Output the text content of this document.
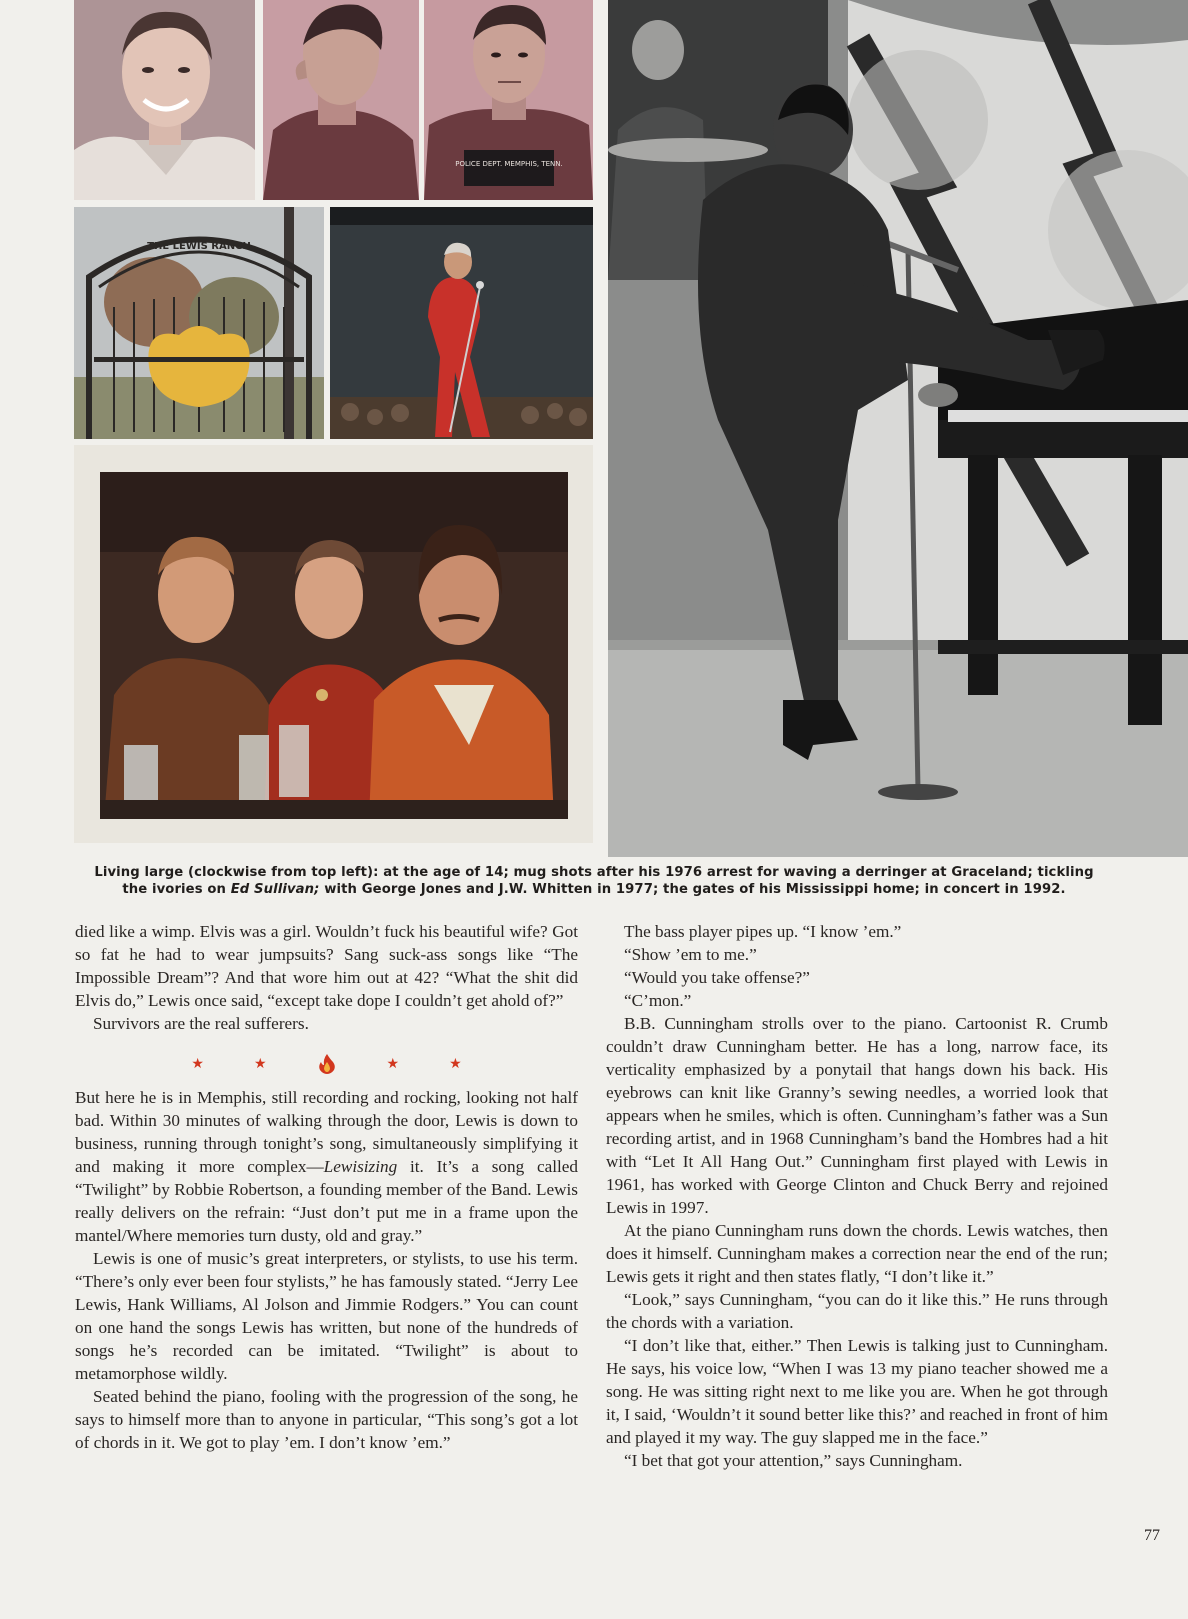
POLICE DEPT. MEMPHIS, TENN.
THE LEWIS RANCH
Living large (clockwise from top left): at the age of 14; mug shots after his 1976 arrest for waving a derringer at Graceland; tickling
the ivories on Ed Sullivan; with George Jones and J.W. Whitten in 1977; the gates of his Mississippi home; in concert in 1992.

died like a wimp. Elvis was a girl. Wouldn’t fuck his beautiful wife? Got so fat he had to wear jumpsuits? Sang suck-ass songs like “The Impossible Dream”? And that wore him out at 42? “What the shit did Elvis do,” Lewis once said, “except take dope I couldn’t get ahold of?”

Survivors are the real sufferers.

★	★	★	★

But here he is in Memphis, still recording and rocking, looking not half bad. Within 30 minutes of walking through the door, Lewis is down to business, running through tonight’s song, simultaneously simplifying it and making it more complex—Lewisizing it. It’s a song called “Twilight” by Robbie Robertson, a founding member of the Band. Lewis really delivers on the refrain: “Just don’t put me in a frame upon the mantel/Where memories turn dusty, old and gray.”

Lewis is one of music’s great interpreters, or stylists, to use his term. “There’s only ever been four stylists,” he has famously stated. “Jerry Lee Lewis, Hank Williams, Al Jolson and Jimmie Rodgers.” You can count on one hand the songs Lewis has written, but none of the hundreds of songs he’s recorded can be imitated. “Twilight” is about to metamorphose wildly.

Seated behind the piano, fooling with the progression of the song, he says to himself more than to anyone in particular, “This song’s got a lot of chords in it. We got to play ’em. I don’t know ’em.”

The bass player pipes up. “I know ’em.”

“Show ’em to me.”

“Would you take offense?”

“C’mon.”

B.B. Cunningham strolls over to the piano. Cartoonist R. Crumb couldn’t draw Cunningham better. He has a long, narrow face, its verticality emphasized by a ponytail that hangs down his back. His eyebrows can knit like Granny’s sewing needles, a worried look that appears when he smiles, which is often. Cunningham’s father was a Sun recording artist, and in 1968 Cunningham’s band the Hombres had a hit with “Let It All Hang Out.” Cunningham first played with Lewis in 1961, has worked with George Clinton and Chuck Berry and rejoined Lewis in 1997.

At the piano Cunningham runs down the chords. Lewis watches, then does it himself. Cunningham makes a correction near the end of the run; Lewis gets it right and then states flatly, “I don’t like it.”

“Look,” says Cunningham, “you can do it like this.” He runs through the chords with a variation.

“I don’t like that, either.” Then Lewis is talking just to Cunningham. He says, his voice low, “When I was 13 my piano teacher showed me a song. He was sitting right next to me like you are. When he got through it, I said, ‘Wouldn’t it sound better like this?’ and reached in front of him and played it my way. The guy slapped me in the face.”

“I bet that got your attention,” says Cunningham.

77
